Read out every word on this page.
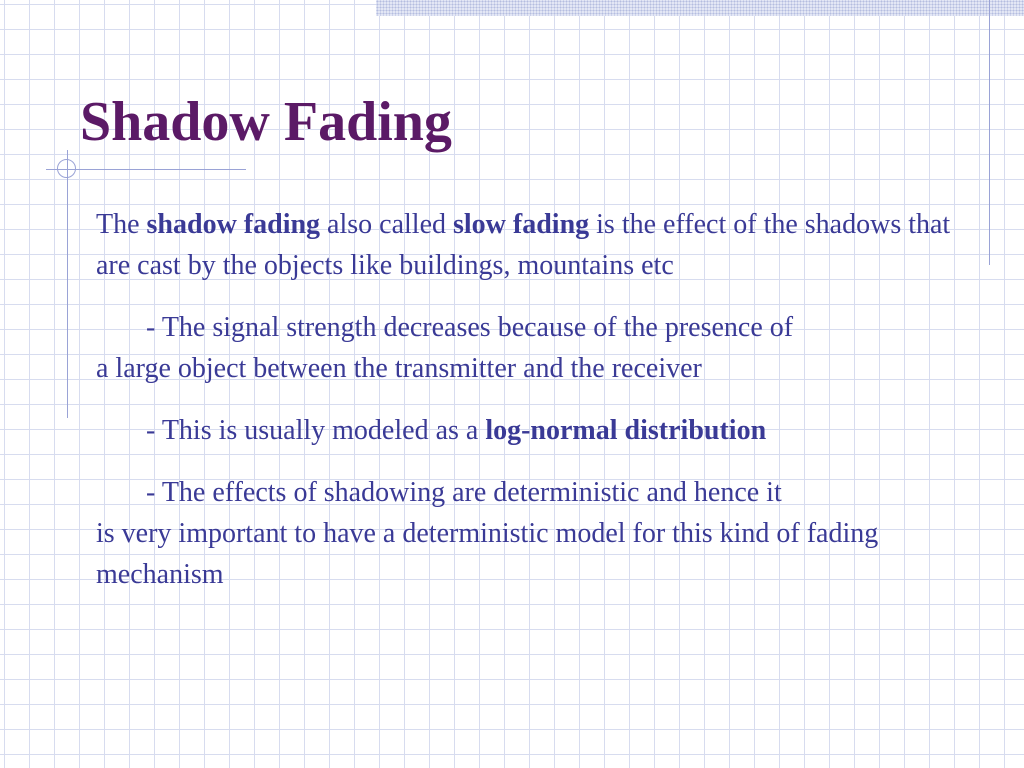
Shadow Fading

The shadow fading also called slow fading is the effect of the shadows that are cast by the objects like buildings, mountains etc

- The signal strength decreases because of the presence of
a large object between the transmitter and the receiver

- This is usually modeled as a log-normal distribution

- The effects of shadowing are deterministic and hence it
is very important to have a deterministic model for this kind of fading mechanism
